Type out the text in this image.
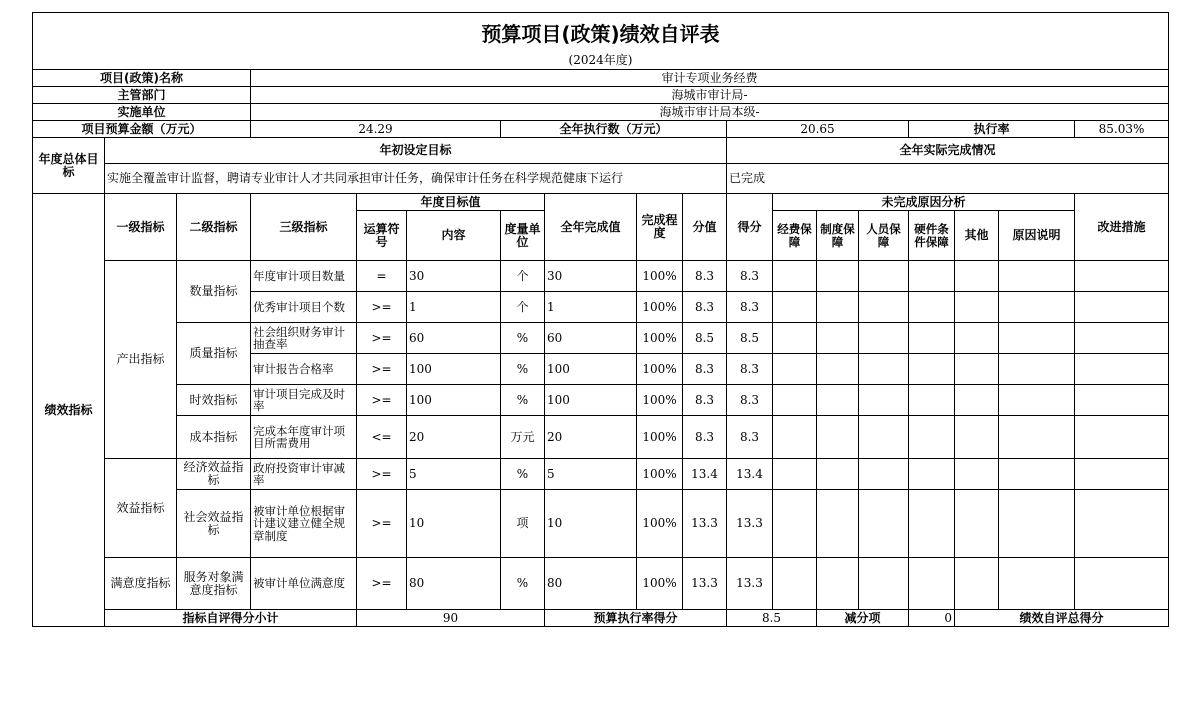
预算项目(政策)绩效自评表																		
(2024年度)																		
项目(政策)名称			审计专项业务经费															
主管部门			海城市审计局-															
实施单位			海城市审计局本级-															
项目预算金额（万元）			24.29			全年执行数（万元）				20.65				执行率			85.03%	
年度总体目标	年初设定目标									全年实际完成情况								
	实施全覆盖审计监督，聘请专业审计人才共同承担审计任务，确保审计任务在科学规范健康下运行									已完成								
绩效指标	一级指标	二级指标	三级指标	年度目标值			全年完成值	完成程度	分值	得分	未完成原因分析						改进措施	
				运算符号	内容	度量单位					经费保障	制度保障	人员保障	硬件条件保障	其他	原因说明		
	产出指标	数量指标	年度审计项目数量	=	30	个	30	100%	8.3	8.3								
			优秀审计项目个数	>=	1	个	1	100%	8.3	8.3								
		质量指标	社会组织财务审计抽查率	>=	60	%	60	100%	8.5	8.5								
			审计报告合格率	>=	100	%	100	100%	8.3	8.3								
		时效指标	审计项目完成及时率	>=	100	%	100	100%	8.3	8.3								
		成本指标	完成本年度审计项目所需费用	<=	20	万元	20	100%	8.3	8.3								
	效益指标	经济效益指标	政府投资审计审减率	>=	5	%	5	100%	13.4	13.4								
		社会效益指标	被审计单位根据审计建议建立健全规章制度	>=	10	项	10	100%	13.3	13.3								
	满意度指标	服务对象满意度指标	被审计单位满意度	>=	80	%	80	100%	13.3	13.3								
	指标自评得分小计			90			预算执行率得分			8.5		减分项		0	绩效自评总得分	
